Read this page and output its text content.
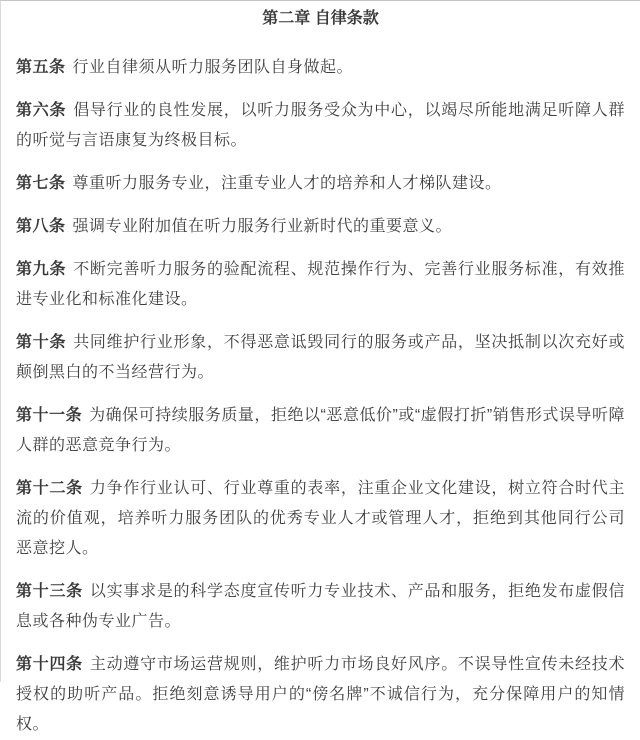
第二章 自律条款

第五条 行业自律须从听力服务团队自身做起。

第六条 倡导行业的良性发展，以听力服务受众为中心，以竭尽所能地满足听障人群的听觉与言语康复为终极目标。

第七条 尊重听力服务专业，注重专业人才的培养和人才梯队建设。

第八条 强调专业附加值在听力服务行业新时代的重要意义。

第九条 不断完善听力服务的验配流程、规范操作行为、完善行业服务标准，有效推进专业化和标准化建设。

第十条 共同维护行业形象，不得恶意诋毁同行的服务或产品，坚决抵制以次充好或颠倒黑白的不当经营行为。

第十一条 为确保可持续服务质量，拒绝以“恶意低价”或“虚假打折”销售形式误导听障人群的恶意竞争行为。

第十二条 力争作行业认可、行业尊重的表率，注重企业文化建设，树立符合时代主流的价值观，培养听力服务团队的优秀专业人才或管理人才，拒绝到其他同行公司恶意挖人。

第十三条 以实事求是的科学态度宣传听力专业技术、产品和服务，拒绝发布虚假信息或各种伪专业广告。

第十四条 主动遵守市场运营规则，维护听力市场良好风序。不误导性宣传未经技术授权的助听产品。拒绝刻意诱导用户的“傍名牌”不诚信行为，充分保障用户的知情权。
